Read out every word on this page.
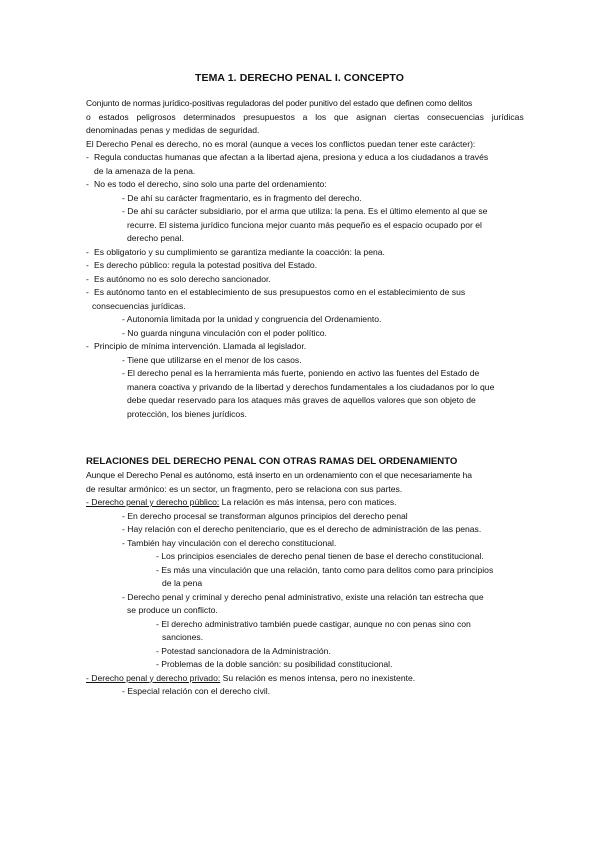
TEMA 1. DERECHO PENAL I. CONCEPTO
Conjunto de normas jurídico-positivas reguladoras del poder punitivo del estado que definen como delitos
o estados peligrosos determinados presupuestos a los que asignan ciertas consecuencias jurídicas
denominadas penas y medidas de seguridad.
El Derecho Penal es derecho, no es moral (aunque a veces los conflictos puedan tener este carácter):
- Regula conductas humanas que afectan a la libertad ajena, presiona y educa a los ciudadanos a través
de la amenaza de la pena.
- No es todo el derecho, sino solo una parte del ordenamiento:
- De ahí su carácter fragmentario, es in fragmento del derecho.
- De ahí su carácter subsidiario, por el arma que utiliza: la pena. Es el último elemento al que se
recurre. El sistema jurídico funciona mejor cuanto más pequeño es el espacio ocupado por el
derecho penal.
- Es obligatorio y su cumplimiento se garantiza mediante la coacción: la pena.
- Es derecho público: regula la potestad positiva del Estado.
- Es autónomo no es solo derecho sancionador.
- Es autónomo tanto en el establecimiento de sus presupuestos como en el establecimiento de sus
consecuencias jurídicas.
- Autonomía limitada por la unidad y congruencia del Ordenamiento.
- No guarda ninguna vinculación con el poder político.
- Principio de mínima intervención. Llamada al legislador.
- Tiene que utilizarse en el menor de los casos.
- El derecho penal es la herramienta más fuerte, poniendo en activo las fuentes del Estado de
manera coactiva y privando de la libertad y derechos fundamentales a los ciudadanos por lo que
debe quedar reservado para los ataques más graves de aquellos valores que son objeto de
protección, los bienes jurídicos.
RELACIONES DEL DERECHO PENAL CON OTRAS RAMAS DEL ORDENAMIENTO
Aunque el Derecho Penal es autónomo, está inserto en un ordenamiento con el que necesariamente ha
de resultar armónico: es un sector, un fragmento, pero se relaciona con sus partes.
- Derecho penal y derecho público: La relación es más intensa, pero con matices.
- En derecho procesal se transforman algunos principios del derecho penal
- Hay relación con el derecho penitenciario, que es el derecho de administración de las penas.
- También hay vinculación con el derecho constitucional.
- Los principios esenciales de derecho penal tienen de base el derecho constitucional.
- Es más una vinculación que una relación, tanto como para delitos como para principios
de la pena
- Derecho penal y criminal y derecho penal administrativo, existe una relación tan estrecha que
se produce un conflicto.
- El derecho administrativo también puede castigar, aunque no con penas sino con
sanciones.
- Potestad sancionadora de la Administración.
- Problemas de la doble sanción: su posibilidad constitucional.
- Derecho penal y derecho privado: Su relación es menos intensa, pero no inexistente.
- Especial relación con el derecho civil.
